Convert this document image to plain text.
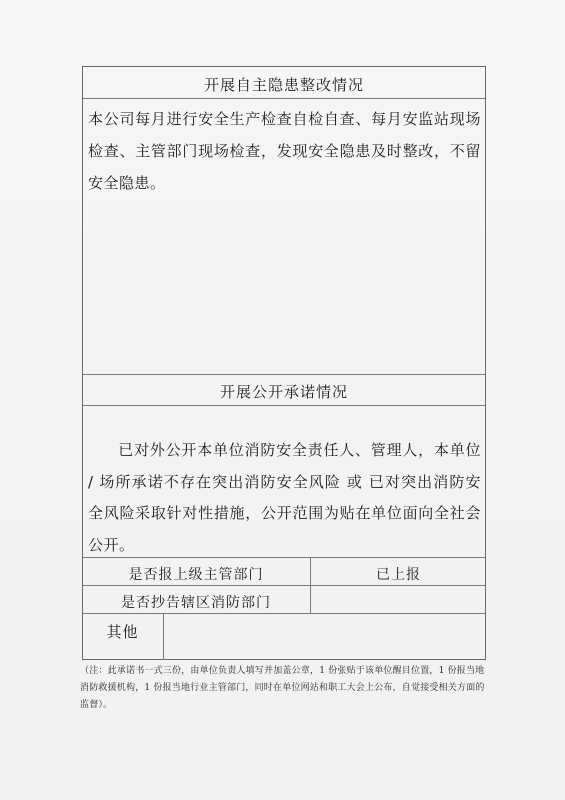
开展自主隐患整改情况
本公司每月进行安全生产检查自检自查、每月安监站现场检查、主管部门现场检查，发现安全隐患及时整改，不留安全隐患。
开展公开承诺情况
已对外公开本单位消防安全责任人、管理人，本单位 / 场所承诺不存在突出消防安全风险 或 已对突出消防安全风险采取针对性措施，公开范围为贴在单位面向全社会公开。
是否报上级主管部门	已上报
是否抄告辖区消防部门
其他
（注：此承诺书一式三份，由单位负责人填写并加盖公章，1 份张贴于该单位醒目位置，1 份报当地消防救援机构，1 份报当地行业主管部门，同时在单位网站和职工大会上公布，自觉接受相关方面的监督）。
